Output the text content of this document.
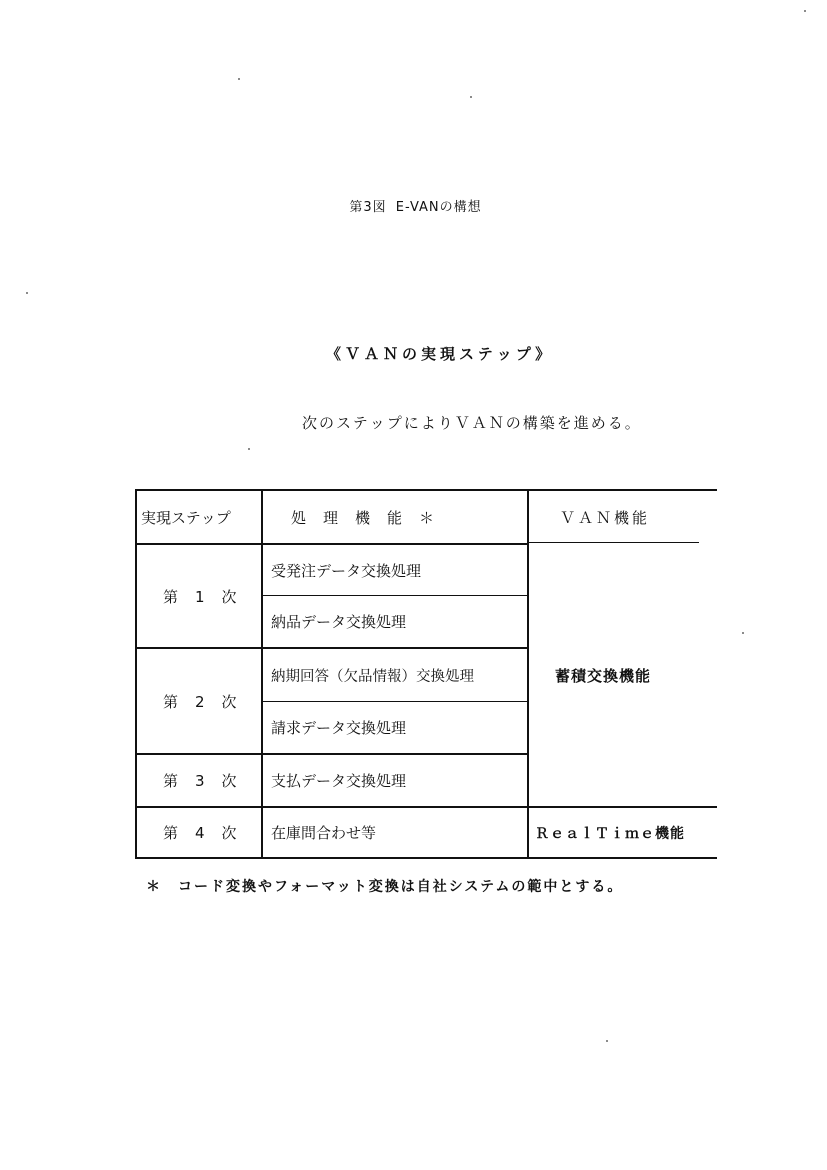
第3図 E-VANの構想
《ＶＡＮの実現ステップ》
次のステップによりＶＡＮの構築を進める。
実現ステップ	処　理　機　能　＊	ＶＡＮ機能
第　1　次
受発注データ交換処理
納品データ交換処理
第　2　次
納期回答（欠品情報）交換処理
請求データ交換処理
第　3　次 支払データ交換処理
第　4　次 在庫問合わせ等
蓄積交換機能
ＲｅａｌＴｉｍｅ機能
＊　コード変換やフォーマット変換は自社システムの範中とする。
